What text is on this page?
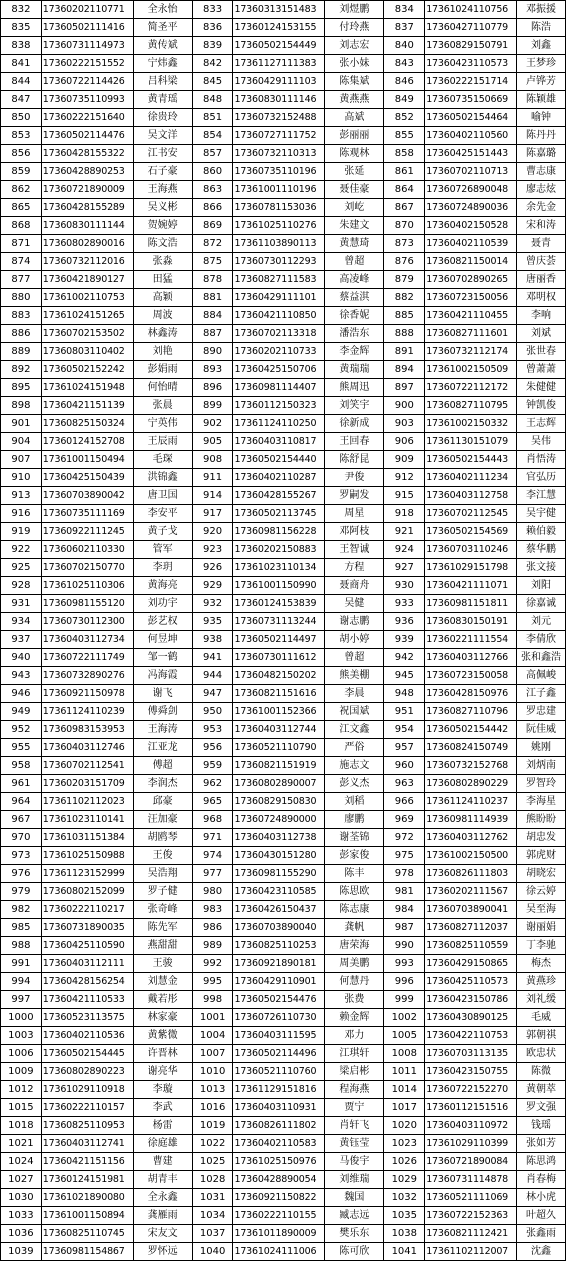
832	17360202110771	全永怡	833	17360313151483	刘煜鹏	834	17361024110756	邓振援
835	17360502111416	简圣平	836	17360124153155	付玲燕	837	17360427110779	陈浩
838	17360731114973	黄传斌	839	17360502154449	刘志宏	840	17360829150791	刘鑫
841	17360222151552	宁炜鑫	842	17361127111383	张小妹	843	17360423110573	王梦珍
844	17360722114426	吕科梁	845	17360429111103	陈集斌	846	17360222151714	卢铧芳
847	17360735110993	黄青瑶	848	17360830111146	黄燕燕	849	17360735150669	陈颖雄
850	17360222151640	徐贵玲	851	17360732152488	高斌	852	17360502154464	喻钟
853	17360502114476	吴文洋	854	17360727111752	彭丽丽	855	17360402110560	陈丹丹
856	17360428155322	江书安	857	17360732110313	陈观林	858	17360425151443	陈嘉璐
859	17360428890253	石子豪	860	17360735110196	张延	861	17360702110713	曹志康
862	17360721890009	王海燕	863	17361001110196	聂佳豪	864	17360726890048	廖志炫
865	17360428155289	吴义彬	866	17360781153036	刘屹	867	17360724890036	余先金
868	17360830111144	贺婉婷	869	17361025110276	朱建文	870	17360402150528	宋和涛
871	17360802890016	陈文浩	872	17361103890113	黄慧琦	873	17360402110539	聂青
874	17360732112016	张淼	875	17360730112293	曾超	876	17360821150014	曾庆荟
877	17360421890127	田猛	878	17360827111583	高凌峰	879	17360702890265	唐丽香
880	17361002110753	高颖	881	17360429111101	蔡益淇	882	17360723150056	邓明权
883	17361024151265	周波	884	17360421110850	徐香妮	885	17360421110455	李响
886	17360702153502	林鑫涛	887	17360702113318	潘浩东	888	17360827111601	刘斌
889	17360803110402	刘艳	890	17360202110733	李金辉	891	17360732112174	张世春
892	17360502152242	彭娟雨	893	17360425150706	黄瑞瑞	894	17361002150509	曾萧萧
895	17361024151948	何怡晴	896	17360981114407	熊周迅	897	17360722112172	朱健健
898	17360421151139	张晨	899	17360112150323	刘笑宇	900	17360827110795	钟凯俊
901	17360825150324	宁英伟	902	17361124110250	徐新成	903	17361002150332	王志辉
904	17360124152708	王辰雨	905	17360403110817	王回春	906	17361130151079	吴伟
907	17361001150494	毛琛	908	17360502154440	陈舒昆	909	17360502154443	肖悟涛
910	17360425150439	洪锦鑫	911	17360402110287	尹俊	912	17360402111234	官弘历
913	17360703890042	唐卫国	914	17360428155267	罗嗣发	915	17360403112758	李江慧
916	17360735111169	李安平	917	17360502113745	周星	918	17360702112545	吴宇健
919	17360922111245	黄子戈	920	17360981156228	邓阿枝	921	17360502154569	赖伯毅
922	17360602110330	管军	923	17360202150883	王智诚	924	17360703110246	蔡华鹏
925	17360702150770	李玥	926	17361023110134	方程	927	17361029151798	张文接
928	17361025110306	黄海亮	929	17361001150990	聂商舟	930	17360421111071	刘阳
931	17360981155120	刘功宇	932	17360124153839	吴健	933	17360981151811	徐嘉诚
934	17360730112300	彭艺权	935	17360731113244	谢志鹏	936	17360830150191	刘元
937	17360403112734	何昱坤	938	17360502114497	胡小婷	939	17360221111554	李倩欣
940	17360722111749	邹一鹤	941	17360730111612	曾超	942	17360403112766	张和鑫浩
943	17360732890276	冯海霞	944	17360482150202	熊美棚	945	17360723150058	高佩峻
946	17360921150978	谢飞	947	17360821151616	李晨	948	17360428150976	江子鑫
949	17361124110239	傅舜剑	950	17361001152366	祝国斌	951	17360827110796	罗忠建
952	17360983153953	王海涛	953	17360403112744	江文鑫	954	17360502154442	阮佳威
955	17360403112746	江亚龙	956	17360521110790	严俗	957	17360824150749	姚刚
958	17360702112541	傅超	959	17360821151919	施志文	960	17360732152768	刘炳南
961	17360203151709	李润杰	962	17360802890007	彭义杰	963	17360802890229	罗智玲
964	17361102112023	邱豪	965	17360829150830	刘稻	966	17361124110237	李海星
967	17361023110141	汪加豪	968	17360724890000	廖鹏	969	17360981114939	熊盼盼
970	17361031151384	胡鸥琴	971	17360403112738	谢荃锦	972	17360403112762	胡忠发
973	17361025150988	王俊	974	17360430151280	彭家俊	975	17361002150500	郭虎财
976	17361123152999	吴浩翔	977	17360981155290	陈丰	978	17360826111803	胡晓宏
979	17360802152099	罗子健	980	17360423110585	陈思欧	981	17360202111567	徐云婷
982	17360222110217	张奇峰	983	17360426150437	陈志康	984	17360703890041	吴至海
985	17360731890035	陈先军	986	17360703890040	龚帆	987	17360827112037	谢丽娟
988	17360425110590	燕甜甜	989	17360825110253	唐荣海	990	17360825110559	丁李驰
991	17360403112111	王骏	992	17360921890181	周美鹏	993	17360429150865	梅杰
994	17360428156254	刘慧金	995	17360429110901	何慧丹	996	17360425110573	黄燕珍
997	17360421110533	戴若彤	998	17360502154476	张费	999	17360423150786	刘礼缓
1000	17360523113575	林家豪	1001	17360726110730	赖金辉	1002	17360430890125	毛威
1003	17360402110536	黄紫微	1004	17360403111595	邓力	1005	17360422110753	郭朝祺
1006	17360502154445	许晋林	1007	17360502114496	江琪轩	1008	17360703113135	欧忠状
1009	17360802890223	谢亮华	1010	17360521110760	梁启彬	1011	17360423150755	陈微
1012	17361029110918	李璇	1013	17361129151816	程海燕	1014	17360722152270	黄朝萃
1015	17360222110157	李武	1016	17360403110931	贾宁	1017	17360112151516	罗文强
1018	17360825110953	杨雷	1019	17360826111802	肖轩飞	1020	17360403110972	钱瑶
1021	17360403112741	徐庭雄	1022	17360402110583	黄钰莹	1023	17361029110399	张如芳
1024	17360421151156	曹建	1025	17361025150976	马俊宇	1026	17360721890084	陈思鸿
1027	17360124151981	胡青丰	1028	17360428890054	刘维瑞	1029	17360731114878	肖春梅
1030	17361021890080	全永鑫	1031	17360921150822	魏国	1032	17360521111069	林小虎
1033	17361001150894	龚雁雨	1034	17360222110155	臧志远	1035	17360722152363	叶超久
1036	17360825110745	宋友文	1037	17361011890009	樊乐东	1038	17360821112421	张鑫雨
1039	17360981154867	罗怀远	1040	17361024111006	陈可欣	1041	17361102112007	沈鑫
